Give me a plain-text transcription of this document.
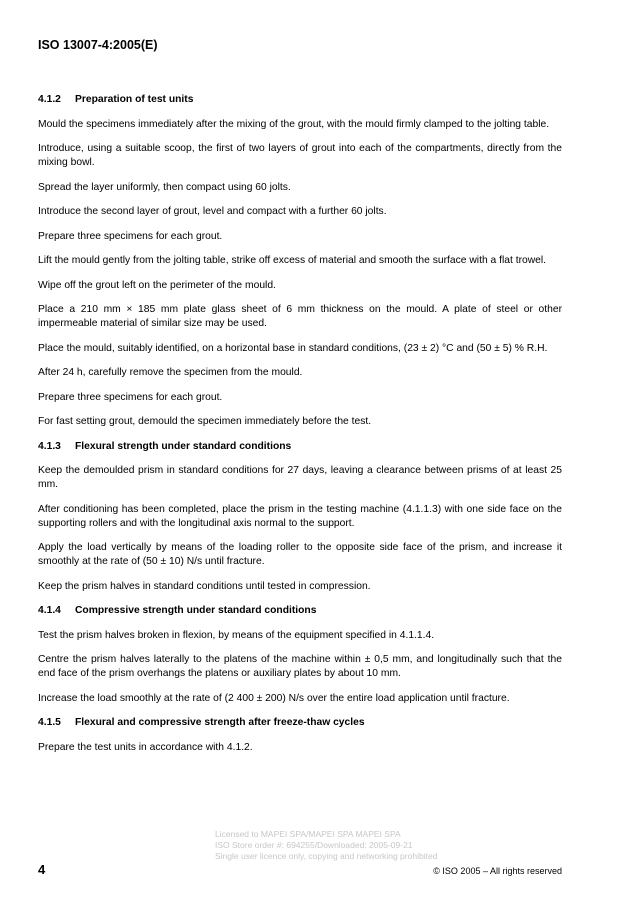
ISO 13007-4:2005(E)
4.1.2 Preparation of test units

Mould the specimens immediately after the mixing of the grout, with the mould firmly clamped to the jolting table.

Introduce, using a suitable scoop, the first of two layers of grout into each of the compartments, directly from the mixing bowl.

Spread the layer uniformly, then compact using 60 jolts.

Introduce the second layer of grout, level and compact with a further 60 jolts.

Prepare three specimens for each grout.

Lift the mould gently from the jolting table, strike off excess of material and smooth the surface with a flat trowel.

Wipe off the grout left on the perimeter of the mould.

Place a 210 mm × 185 mm plate glass sheet of 6 mm thickness on the mould. A plate of steel or other impermeable material of similar size may be used.

Place the mould, suitably identified, on a horizontal base in standard conditions, (23 ± 2) °C and (50 ± 5) % R.H.

After 24 h, carefully remove the specimen from the mould.

Prepare three specimens for each grout.

For fast setting grout, demould the specimen immediately before the test.

4.1.3 Flexural strength under standard conditions

Keep the demoulded prism in standard conditions for 27 days, leaving a clearance between prisms of at least 25 mm.

After conditioning has been completed, place the prism in the testing machine (4.1.1.3) with one side face on the supporting rollers and with the longitudinal axis normal to the support.

Apply the load vertically by means of the loading roller to the opposite side face of the prism, and increase it smoothly at the rate of (50 ± 10) N/s until fracture.

Keep the prism halves in standard conditions until tested in compression.

4.1.4 Compressive strength under standard conditions

Test the prism halves broken in flexion, by means of the equipment specified in 4.1.1.4.

Centre the prism halves laterally to the platens of the machine within ± 0,5 mm, and longitudinally such that the end face of the prism overhangs the platens or auxiliary plates by about 10 mm.

Increase the load smoothly at the rate of (2 400 ± 200) N/s over the entire load application until fracture.

4.1.5 Flexural and compressive strength after freeze-thaw cycles

Prepare the test units in accordance with 4.1.2.

Licensed to MAPEI SPA/MAPEI SPA MAPEI SPA
ISO Store order #: 694255/Downloaded: 2005-09-21
Single user licence only, copying and networking prohibited
4	© ISO 2005 – All rights reserved
